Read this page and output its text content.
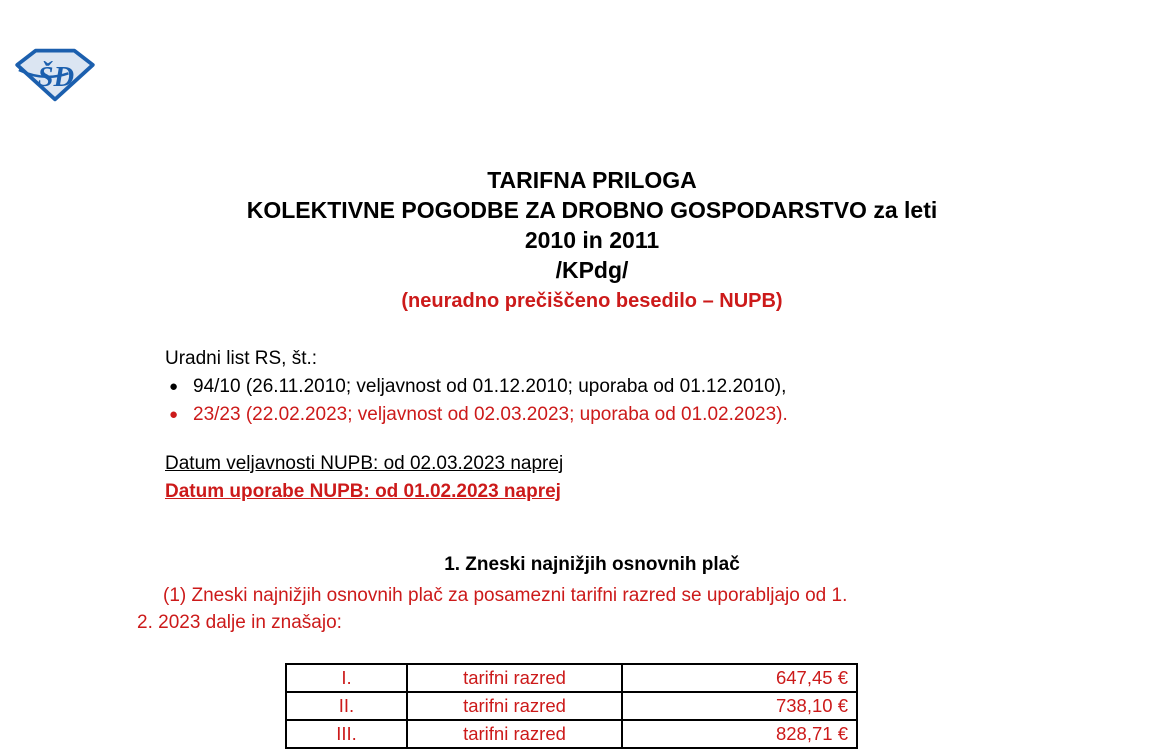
ŠD
TARIFNA PRILOGA
KOLEKTIVNE POGODBE ZA DROBNO GOSPODARSTVO za leti
2010 in 2011
/KPdg/
(neuradno prečiščeno besedilo – NUPB)
Uradni list RS, št.:
● 94/10 (26.11.2010; veljavnost od 01.12.2010; uporaba od 01.12.2010),
● 23/23 (22.02.2023; veljavnost od 02.03.2023; uporaba od 01.02.2023).
Datum veljavnosti NUPB: od 02.03.2023 naprej
Datum uporabe NUPB: od 01.02.2023 naprej
1. Zneski najnižjih osnovnih plač
(1) Zneski najnižjih osnovnih plač za posamezni tarifni razred se uporabljajo od 1.
2. 2023 dalje in znašajo:
I.	tarifni razred	647,45 €
II.	tarifni razred	738,10 €
III.	tarifni razred	828,71 €
